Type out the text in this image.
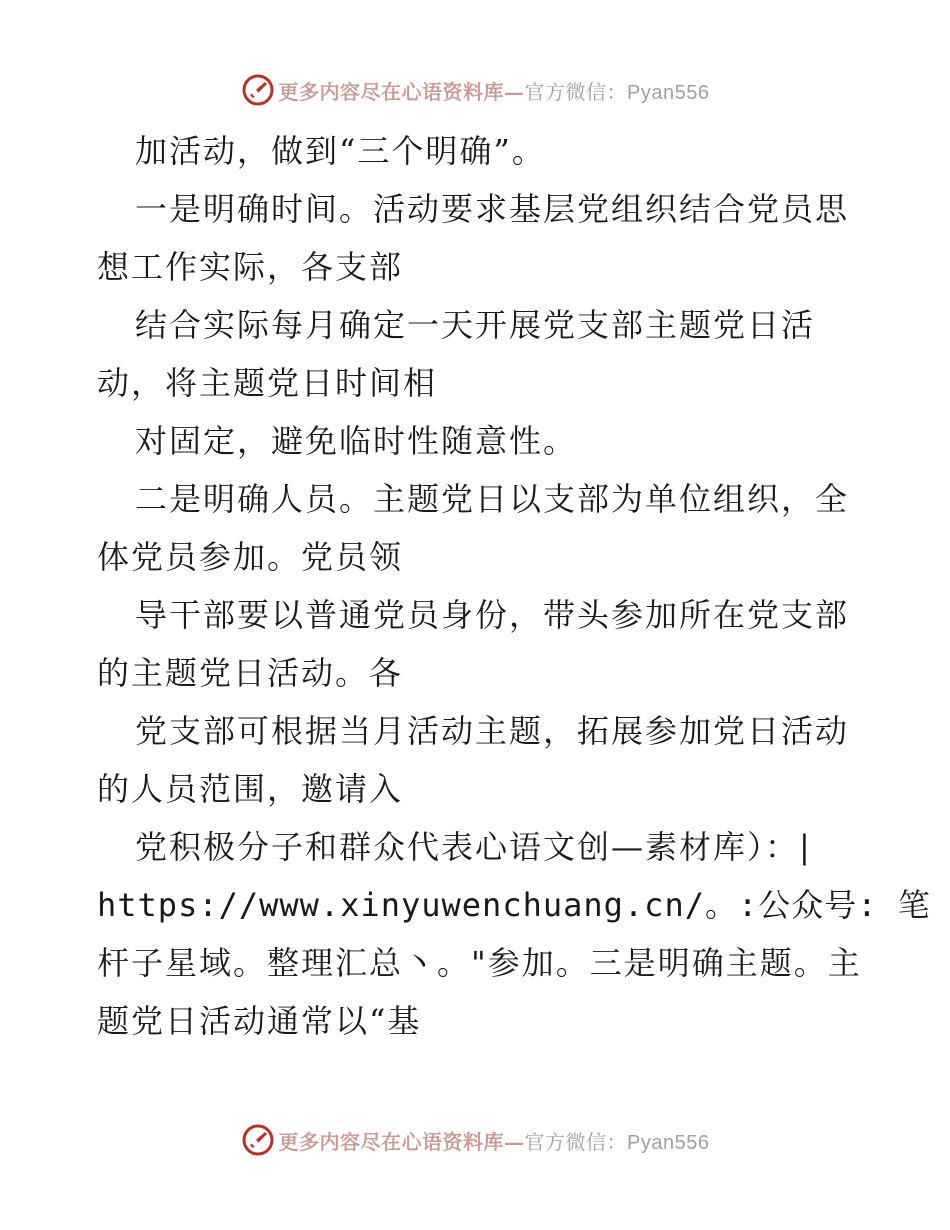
更多内容尽在心语资料库—官方微信：Pyan556
加活动，做到“三个明确”。
一是明确时间。活动要求基层党组织结合党员思
想工作实际，各支部
结合实际每月确定一天开展党支部主题党日活
动，将主题党日时间相
对固定，避免临时性随意性。
二是明确人员。主题党日以支部为单位组织，全
体党员参加。党员领
导干部要以普通党员身份，带头参加所在党支部
的主题党日活动。各
党支部可根据当月活动主题，拓展参加党日活动
的人员范围，邀请入
党积极分子和群众代表心语文创—素材库）：|
https://www.xinyuwenchuang.cn/。:公众号: 笔
杆子星域。整理汇总丶。"参加。三是明确主题。主
题党日活动通常以“基
更多内容尽在心语资料库—官方微信：Pyan556
